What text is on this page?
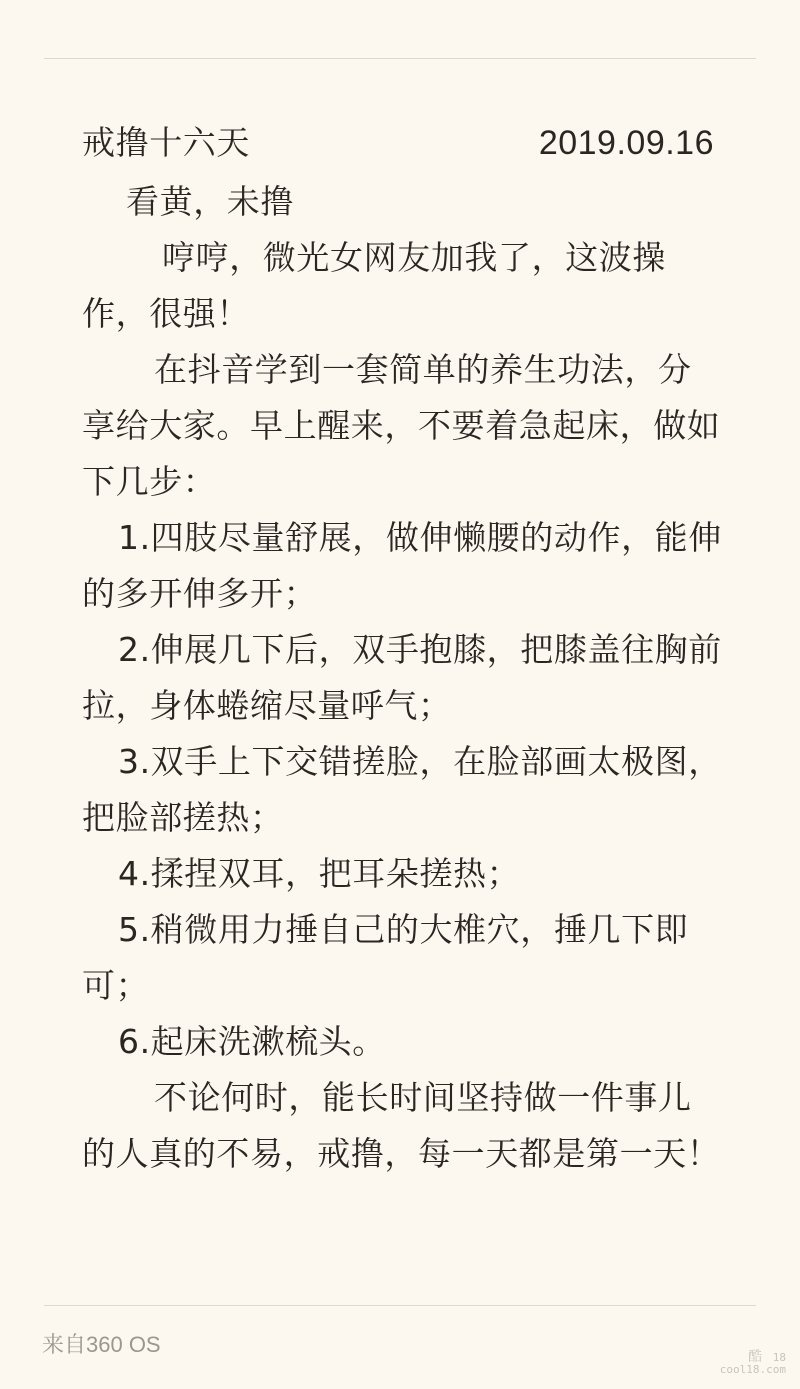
戒撸十六天	2019.09.16

看黄，未撸

哼哼，微光女网友加我了，这波操作，很强！

在抖音学到一套简单的养生功法，分享给大家。早上醒来，不要着急起床，做如下几步：

1.四肢尽量舒展，做伸懒腰的动作，能伸的多开伸多开；

2.伸展几下后，双手抱膝，把膝盖往胸前拉，身体蜷缩尽量呼气；

3.双手上下交错搓脸，在脸部画太极图，把脸部搓热；

4.揉捏双耳，把耳朵搓热；

5.稍微用力捶自己的大椎穴，捶几下即可；

6.起床洗漱梳头。

不论何时，能长时间坚持做一件事儿的人真的不易，戒撸，每一天都是第一天！

来自360 OS	酷 18
cool18.com
